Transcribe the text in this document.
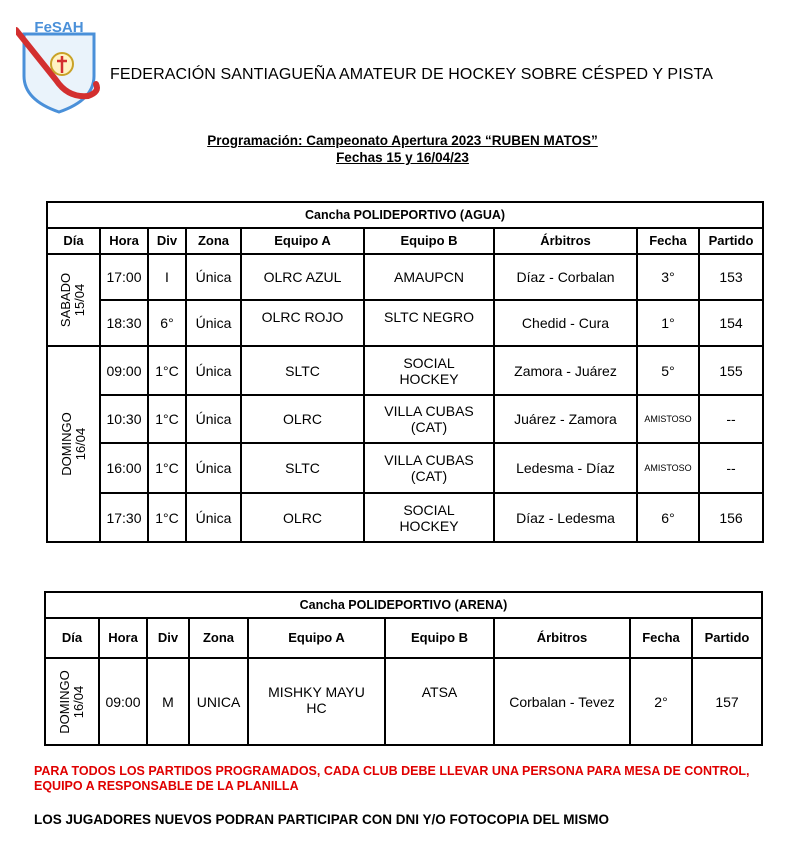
FeSAH
FEDERACIÓN SANTIAGUEÑA AMATEUR DE HOCKEY SOBRE CÉSPED Y PISTA
Programación: Campeonato Apertura 2023 “RUBEN MATOS”
Fechas 15 y 16/04/23
Cancha POLIDEPORTIVO (AGUA)								
Día	Hora	Div	Zona	Equipo A	Equipo B	Árbitros	Fecha	Partido

SABADO
15/04	17:00	I	Única	OLRC AZUL	AMAUPCN	Díaz - Corbalan	3°	153
	18:30	6°	Única	OLRC ROJO	SLTC NEGRO	Chedid - Cura	1°	154

DOMINGO
16/04	09:00	1°C	Única	SLTC	SOCIAL HOCKEY	Zamora - Juárez	5°	155
	10:30	1°C	Única	OLRC	VILLA CUBAS (CAT)	Juárez - Zamora	AMISTOSO	--
	16:00	1°C	Única	SLTC	VILLA CUBAS (CAT)	Ledesma - Díaz	AMISTOSO	--
	17:30	1°C	Única	OLRC	SOCIAL HOCKEY	Díaz - Ledesma	6°	156
Cancha POLIDEPORTIVO (ARENA)								
Día	Hora	Div	Zona	Equipo A	Equipo B	Árbitros	Fecha	Partido

DOMINGO
16/04	09:00	M	UNICA	MISHKY MAYU HC	ATSA	Corbalan - Tevez	2°	157
PARA TODOS LOS PARTIDOS PROGRAMADOS, CADA CLUB DEBE LLEVAR UNA PERSONA PARA MESA DE CONTROL, EQUIPO A RESPONSABLE DE LA PLANILLA
LOS JUGADORES NUEVOS PODRAN PARTICIPAR CON DNI Y/O FOTOCOPIA DEL MISMO
